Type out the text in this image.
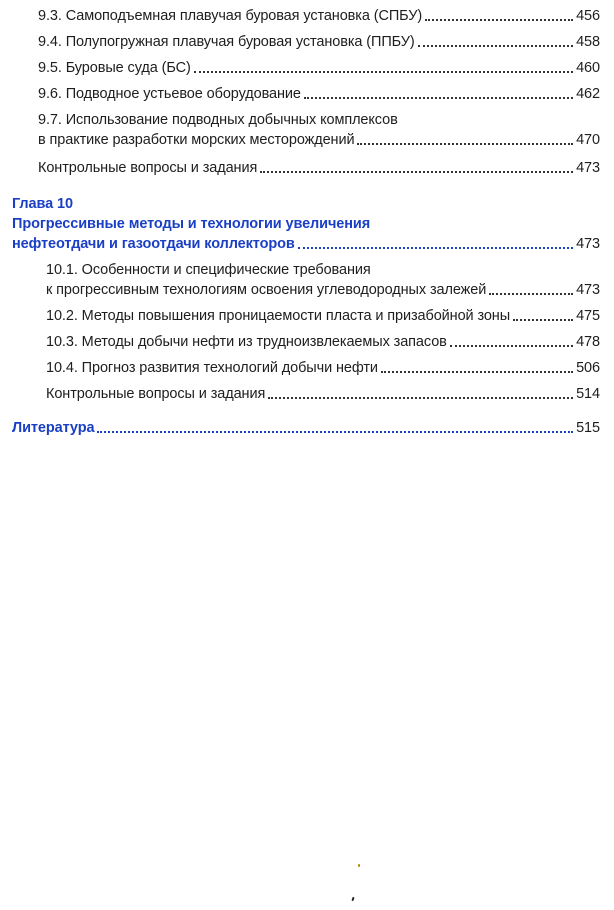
9.3. Самоподъемная плавучая буровая установка (СПБУ)	456
9.4. Полупогружная плавучая буровая установка (ППБУ)	458
9.5. Буровые суда (БС)	460
9.6. Подводное устьевое оборудование	462
9.7. Использование подводных добычных комплексов
в практике разработки морских месторождений	470
Контрольные вопросы и задания	473
Глава 10
Прогрессивные методы и технологии увеличения
нефтеотдачи и газоотдачи коллекторов	473
10.1. Особенности и специфические требования
к прогрессивным технологиям освоения углеводородных залежей	473
10.2. Методы повышения проницаемости пласта и призабойной зоны	475
10.3. Методы добычи нефти из трудноизвлекаемых запасов	478
10.4. Прогноз развития технологий добычи нефти	506
Контрольные вопросы и задания	514
Литература	515
